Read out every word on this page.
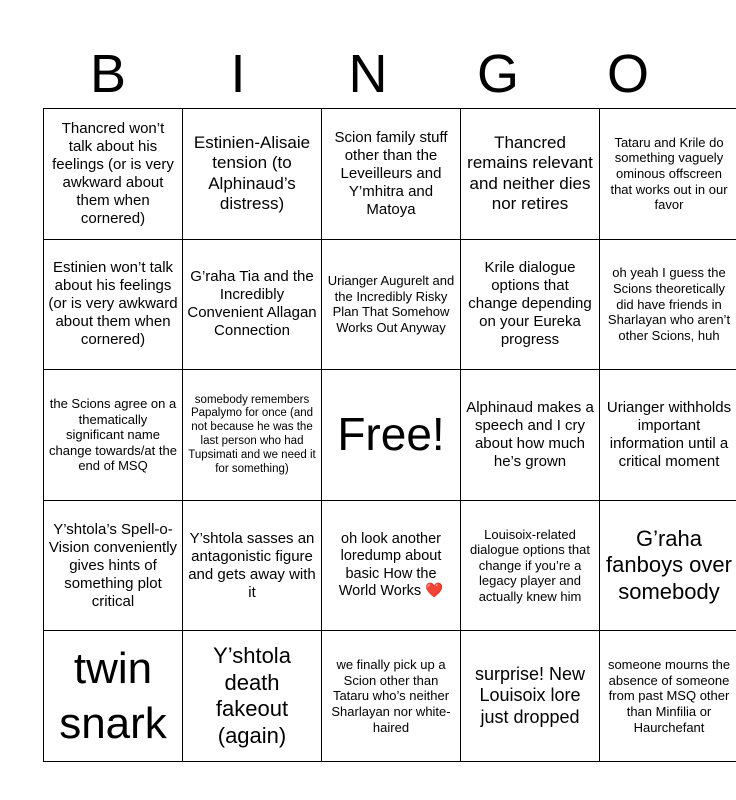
B	I	N	G	O
Thancred won’t talk about his feelings (or is very awkward about them when cornered)	Estinien-Alisaie tension (to Alphinaud’s distress)	Scion family stuff other than the Leveilleurs and Y’mhitra and Matoya	Thancred remains relevant and neither dies nor retires	Tataru and Krile do something vaguely ominous offscreen that works out in our favor
Estinien won’t talk about his feelings (or is very awkward about them when cornered)	G’raha Tia and the Incredibly Convenient Allagan Connection	Urianger Augurelt and the Incredibly Risky Plan That Somehow Works Out Anyway	Krile dialogue options that change depending on your Eureka progress	oh yeah I guess the Scions theoretically did have friends in Sharlayan who aren’t other Scions, huh
the Scions agree on a thematically significant name change towards/at the end of MSQ	somebody remembers Papalymo for once (and not because he was the last person who had Tupsimati and we need it for something)	Free!	Alphinaud makes a speech and I cry about how much he’s grown	Urianger withholds important information until a critical moment
Y’shtola’s Spell-o-Vision conveniently gives hints of something plot critical	Y’shtola sasses an antagonistic figure and gets away with it	oh look another loredump about basic How the World Works ❤️	Louisoix-related dialogue options that change if you’re a legacy player and actually knew him	G’raha fanboys over somebody
twin snark	Y’shtola death fakeout (again)	we finally pick up a Scion other than Tataru who’s neither Sharlayan nor white-haired	surprise! New Louisoix lore just dropped	someone mourns the absence of someone from past MSQ other than Minfilia or Haurchefant
